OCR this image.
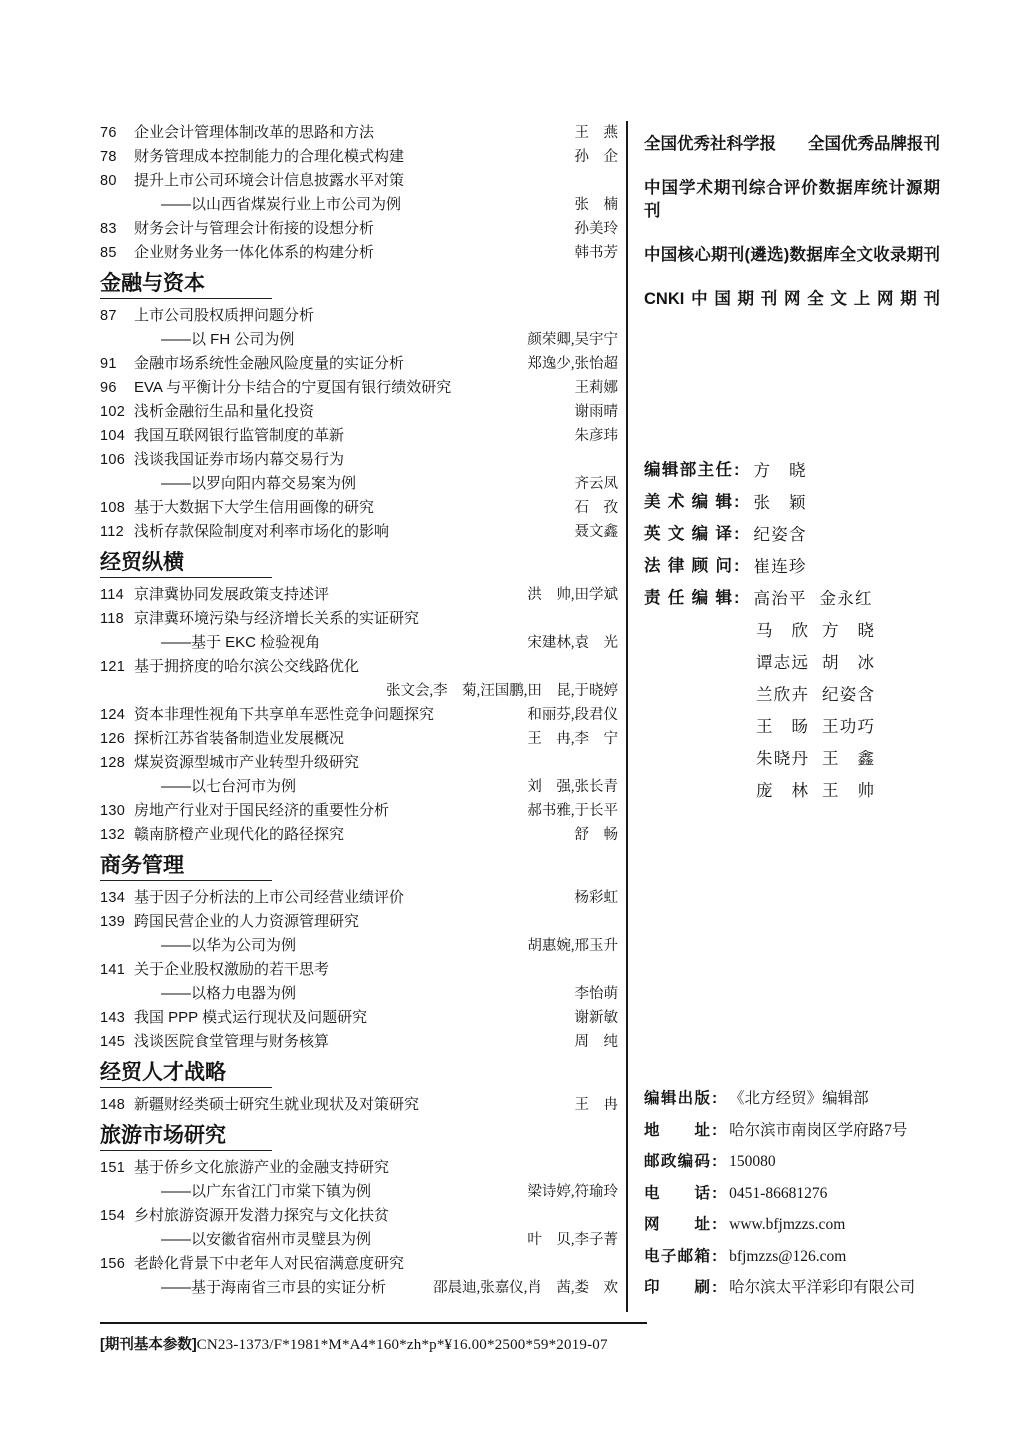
76	企业会计管理体制改革的思路和方法	王　燕
78	财务管理成本控制能力的合理化模式构建	孙　企
80	提升上市公司环境会计信息披露水平对策
——以山西省煤炭行业上市公司为例	张　楠
83	财务会计与管理会计衔接的设想分析	孙美玲
85	企业财务业务一体化体系的构建分析	韩书芳
金融与资本
87	上市公司股权质押问题分析
——以 FH 公司为例	颜荣卿,吴宇宁
91	金融市场系统性金融风险度量的实证分析	郑逸少,张怡超
96	EVA 与平衡计分卡结合的宁夏国有银行绩效研究	王莉娜
102 浅析金融衍生品和量化投资	谢雨晴
104 我国互联网银行监管制度的革新	朱彦玮
106 浅谈我国证券市场内幕交易行为
——以罗向阳内幕交易案为例	齐云凤
108 基于大数据下大学生信用画像的研究	石　孜
112 浅析存款保险制度对利率市场化的影响	聂文鑫
经贸纵横
114 京津冀协同发展政策支持述评	洪　帅,田学斌
118 京津冀环境污染与经济增长关系的实证研究
——基于 EKC 检验视角	宋建林,袁　光
121 基于拥挤度的哈尔滨公交线路优化
张文会,李　菊,汪国鹏,田　昆,于晓婷
124 资本非理性视角下共享单车恶性竞争问题探究	和丽芬,段君仪
126 探析江苏省装备制造业发展概况	王　冉,李　宁
128 煤炭资源型城市产业转型升级研究
——以七台河市为例	刘　强,张长青
130 房地产行业对于国民经济的重要性分析	郝书雅,于长平
132 赣南脐橙产业现代化的路径探究	舒　畅
商务管理
134 基于因子分析法的上市公司经营业绩评价	杨彩虹
139 跨国民营企业的人力资源管理研究
——以华为公司为例	胡惠婉,邢玉升
141 关于企业股权激励的若干思考
——以格力电器为例	李怡萌
143 我国 PPP 模式运行现状及问题研究	谢新敏
145 浅谈医院食堂管理与财务核算	周　纯
经贸人才战略
148 新疆财经类硕士研究生就业现状及对策研究	王　冉
旅游市场研究
151 基于侨乡文化旅游产业的金融支持研究
——以广东省江门市棠下镇为例	梁诗婷,符瑜玲
154 乡村旅游资源开发潜力探究与文化扶贫
——以安徽省宿州市灵璧县为例	叶　贝,李子菁
156 老龄化背景下中老年人对民宿满意度研究
——基于海南省三市县的实证分析	邵晨迪,张嘉仪,肖　茜,娄　欢
全国优秀社科学报 全国优秀品牌报刊
中国学术期刊综合评价数据库统计源期刊
中国核心期刊(遴选)数据库全文收录期刊
CNKI中国期刊网全文上网期刊
编辑部主任 : 方晓
美术编辑 : 张颖
英文编译 : 纪姿含
法律顾问 : 崔连珍
责任编辑 : 高治平 金永红
马欣 方晓
谭志远 胡冰
兰欣卉 纪姿含
王旸 王功巧
朱晓丹 王鑫
庞林 王帅
编辑出版 : 《北方经贸》编辑部
地址 : 哈尔滨市南岗区学府路7号
邮政编码 : 150080
电话 : 0451-86681276
网址 : www.bfjmzzs.com
电子邮箱 : bfjmzzs@126.com
印刷 : 哈尔滨太平洋彩印有限公司
[期刊基本参数] CN23-1373/F*1981*M*A4*160*zh*p*¥16.00*2500*59*2019-07
